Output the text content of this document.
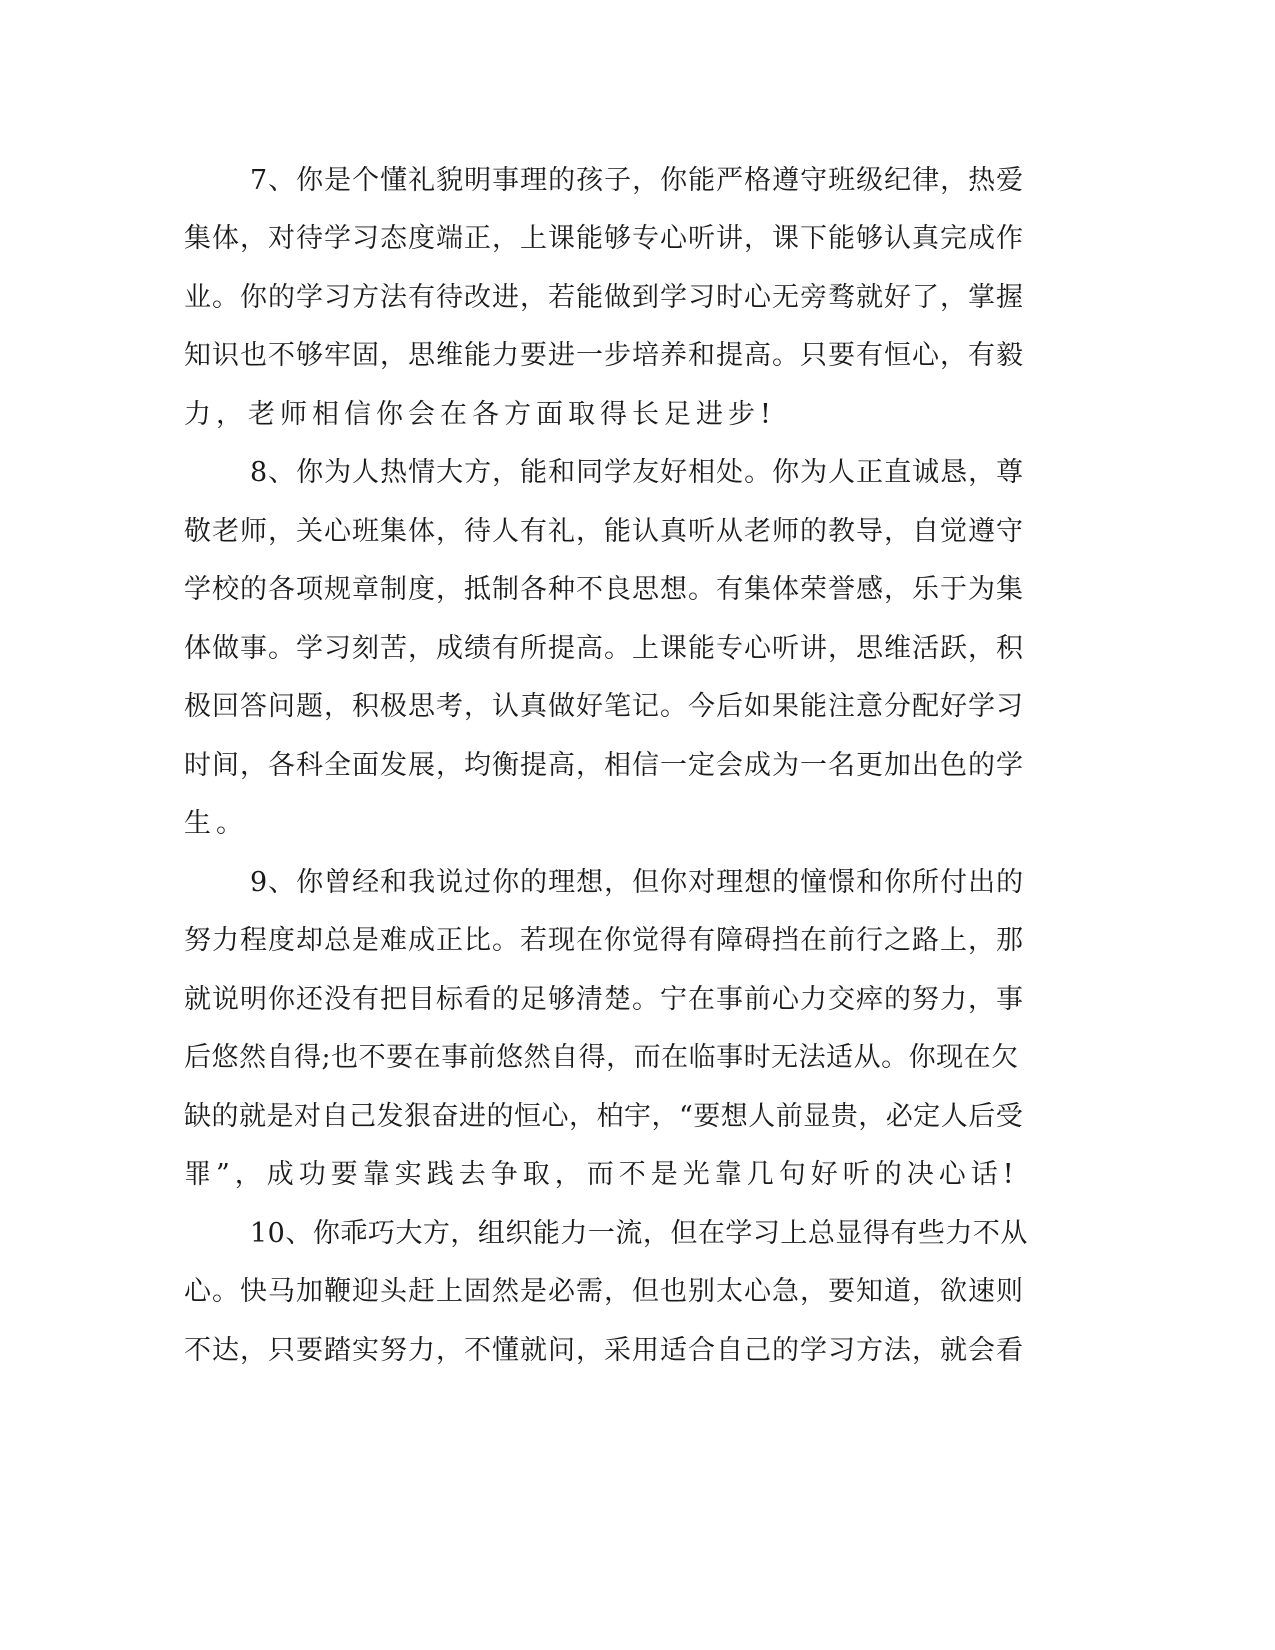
7、你是个懂礼貌明事理的孩子，你能严格遵守班级纪律，热爱
集体，对待学习态度端正，上课能够专心听讲，课下能够认真完成作
业。你的学习方法有待改进，若能做到学习时心无旁骛就好了，掌握
知识也不够牢固，思维能力要进一步培养和提高。只要有恒心，有毅
力，老师相信你会在各方面取得长足进步!
8、你为人热情大方，能和同学友好相处。你为人正直诚恳，尊
敬老师，关心班集体，待人有礼，能认真听从老师的教导，自觉遵守
学校的各项规章制度，抵制各种不良思想。有集体荣誉感，乐于为集
体做事。学习刻苦，成绩有所提高。上课能专心听讲，思维活跃，积
极回答问题，积极思考，认真做好笔记。今后如果能注意分配好学习
时间，各科全面发展，均衡提高，相信一定会成为一名更加出色的学
生。
9、你曾经和我说过你的理想，但你对理想的憧憬和你所付出的
努力程度却总是难成正比。若现在你觉得有障碍挡在前行之路上，那
就说明你还没有把目标看的足够清楚。宁在事前心力交瘁的努力，事
后悠然自得;也不要在事前悠然自得，而在临事时无法适从。你现在欠
缺的就是对自己发狠奋进的恒心，柏宇，“要想人前显贵，必定人后受
罪”，成功要靠实践去争取，而不是光靠几句好听的决心话!
10、你乖巧大方，组织能力一流，但在学习上总显得有些力不从
心。快马加鞭迎头赶上固然是必需，但也别太心急，要知道，欲速则
不达，只要踏实努力，不懂就问，采用适合自己的学习方法，就会看
